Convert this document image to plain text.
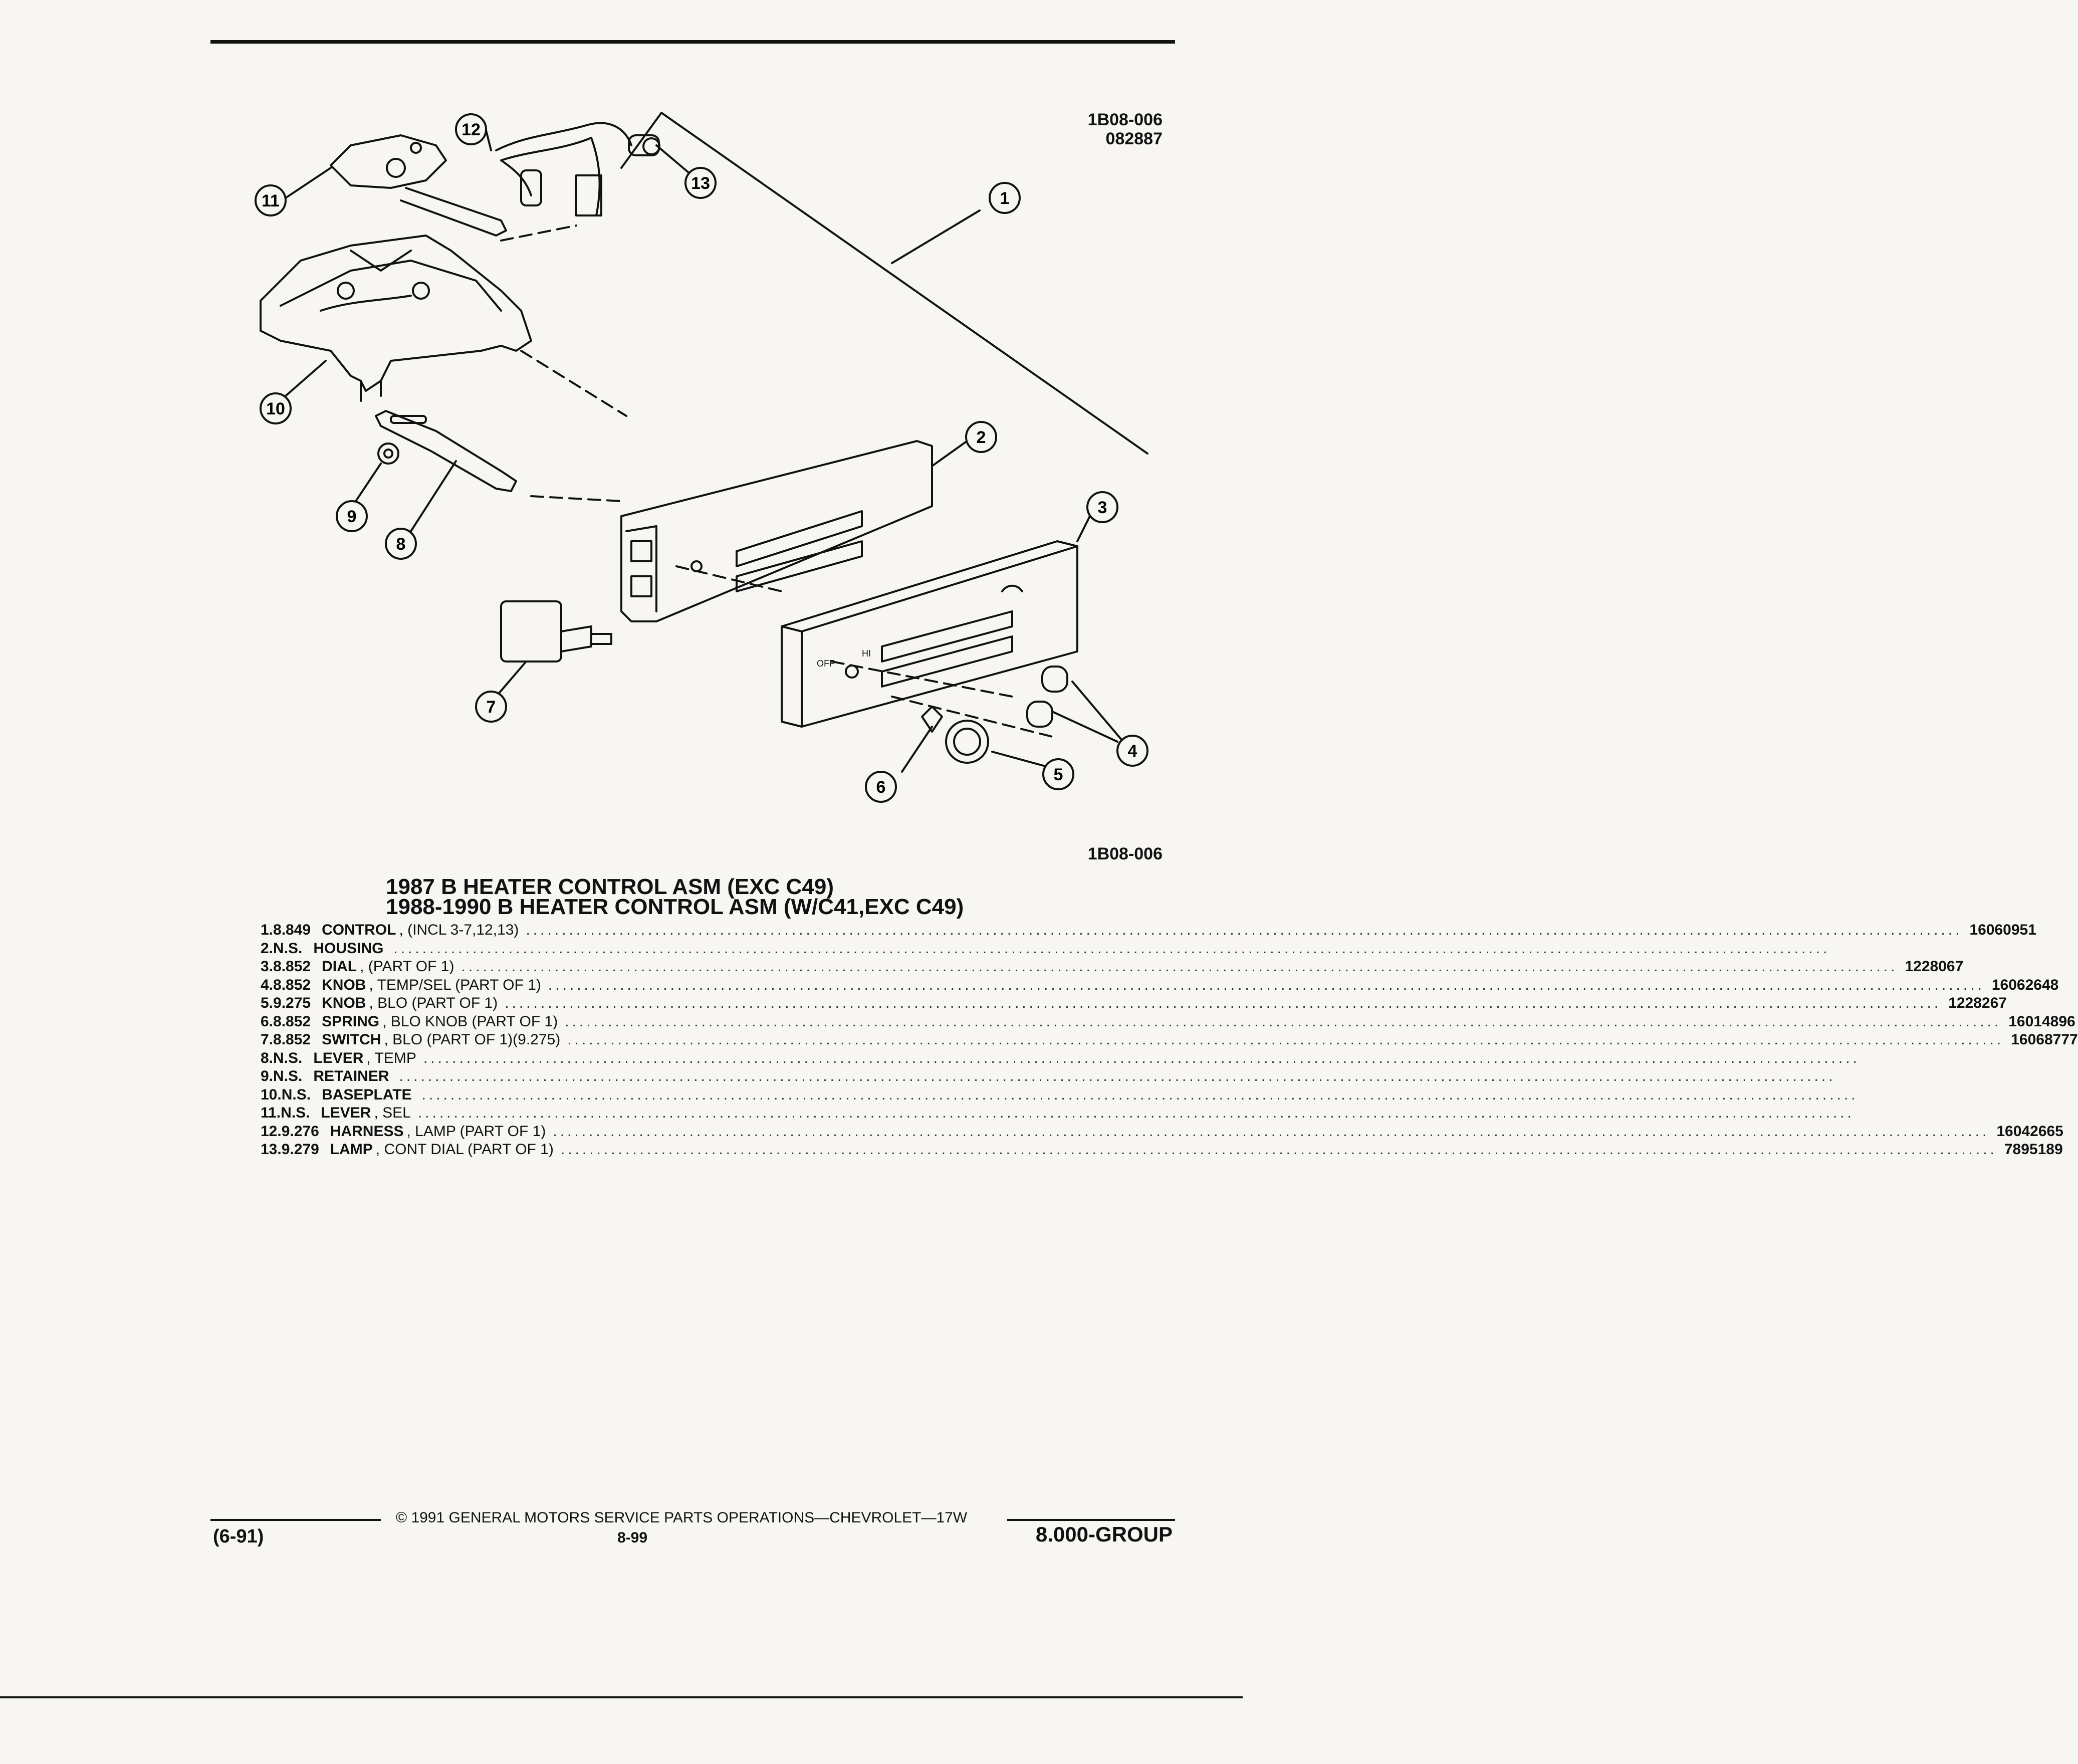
1B08-006
082887
OFF
HI
1
2
3
4
5
6
7
8
9
10
11
12
13
1B08-006
1987 B HEATER CONTROL ASM (EXC C49)
1988-1990 B HEATER CONTROL ASM (W/C41,EXC C49)
1. 8.849 CONTROL , (INCL 3-7,12,13) ........................................................................................................................................................................................................ 16060951
2. N.S. HOUSING ........................................................................................................................................................................................................
3. 8.852 DIAL , (PART OF 1) ........................................................................................................................................................................................................ 1228067
4. 8.852 KNOB , TEMP/SEL (PART OF 1) ........................................................................................................................................................................................................ 16062648
5. 9.275 KNOB , BLO (PART OF 1) ........................................................................................................................................................................................................ 1228267
6. 8.852 SPRING , BLO KNOB (PART OF 1) ........................................................................................................................................................................................................ 16014896
7. 8.852 SWITCH , BLO (PART OF 1)(9.275) ........................................................................................................................................................................................................ 16068777
8. N.S. LEVER , TEMP ........................................................................................................................................................................................................
9. N.S. RETAINER ........................................................................................................................................................................................................
10. N.S. BASEPLATE ........................................................................................................................................................................................................
11. N.S. LEVER , SEL ........................................................................................................................................................................................................
12. 9.276 HARNESS , LAMP (PART OF 1) ........................................................................................................................................................................................................ 16042665
13. 9.279 LAMP , CONT DIAL (PART OF 1) ........................................................................................................................................................................................................ 7895189
© 1991 GENERAL MOTORS SERVICE PARTS OPERATIONS—CHEVROLET—17W
(6-91)	8-99	8.000-GROUP
